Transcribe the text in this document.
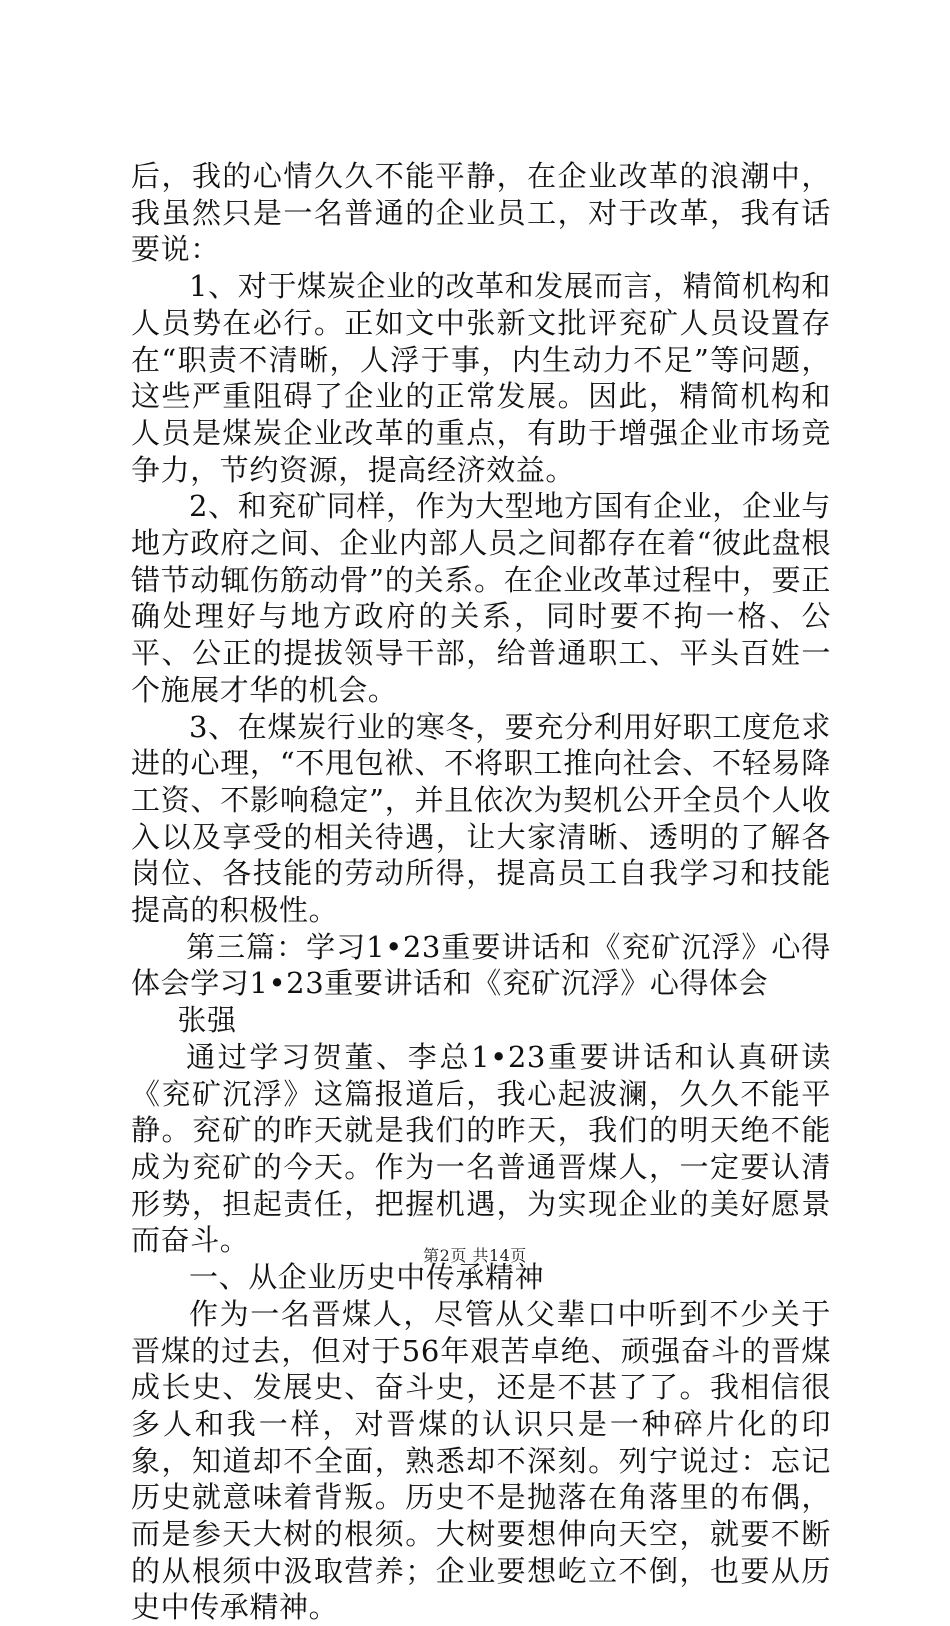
后，我的心情久久不能平静，在企业改革的浪潮中，我虽然只是一名普通的企业员工，对于改革，我有话要说：

1、对于煤炭企业的改革和发展而言，精简机构和人员势在必行。正如文中张新文批评兖矿人员设置存在“职责不清晰，人浮于事，内生动力不足”等问题，这些严重阻碍了企业的正常发展。因此，精简机构和人员是煤炭企业改革的重点，有助于增强企业市场竞争力，节约资源，提高经济效益。

2、和兖矿同样，作为大型地方国有企业，企业与地方政府之间、企业内部人员之间都存在着“彼此盘根错节动辄伤筋动骨”的关系。在企业改革过程中，要正确处理好与地方政府的关系，同时要不拘一格、公平、公正的提拔领导干部，给普通职工、平头百姓一个施展才华的机会。

3、在煤炭行业的寒冬，要充分利用好职工度危求进的心理，“不甩包袱、不将职工推向社会、不轻易降工资、不影响稳定”，并且依次为契机公开全员个人收入以及享受的相关待遇，让大家清晰、透明的了解各岗位、各技能的劳动所得，提高员工自我学习和技能提高的积极性。

第三篇：学习1•23重要讲话和《兖矿沉浮》心得体会学习1•23重要讲话和《兖矿沉浮》心得体会

张强

通过学习贺董、李总1•23重要讲话和认真研读《兖矿沉浮》这篇报道后，我心起波澜，久久不能平静。兖矿的昨天就是我们的昨天，我们的明天绝不能成为兖矿的今天。作为一名普通晋煤人，一定要认清形势，担起责任，把握机遇，为实现企业的美好愿景而奋斗。

一、从企业历史中传承精神

作为一名晋煤人，尽管从父辈口中听到不少关于晋煤的过去，但对于56年艰苦卓绝、顽强奋斗的晋煤成长史、发展史、奋斗史，还是不甚了了。我相信很多人和我一样，对晋煤的认识只是一种碎片化的印象，知道却不全面，熟悉却不深刻。列宁说过：忘记历史就意味着背叛。历史不是抛落在角落里的布偶，而是参天大树的根须。大树要想伸向天空，就要不断的从根须中汲取营养；企业要想屹立不倒，也要从历史中传承精神。

第2页 共14页
